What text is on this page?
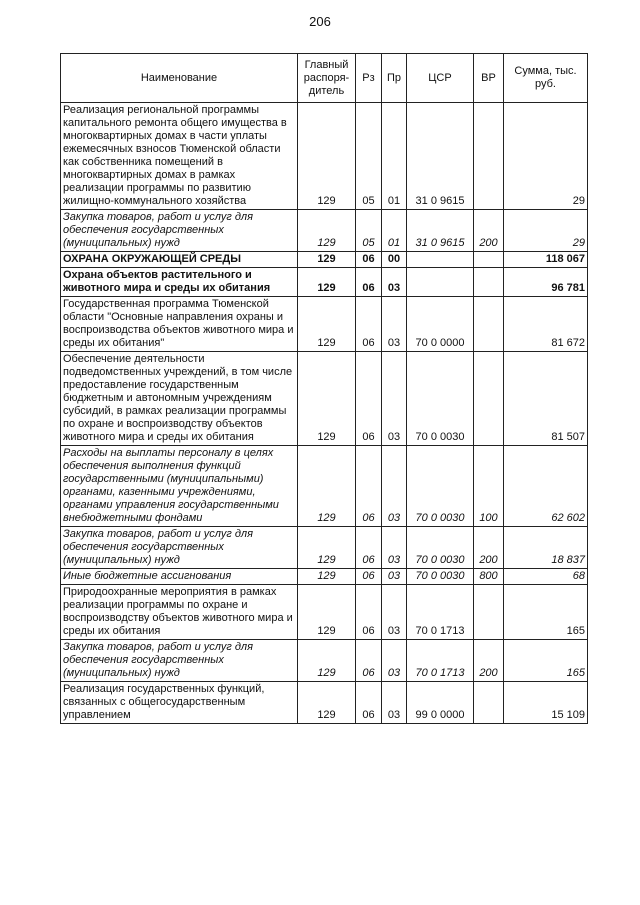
206
Наименование	Главный распоря-дитель	Рз	Пр	ЦСР	ВР	Сумма, тыс. руб.
Реализация региональной программы капитального ремонта общего имущества в многоквартирных домах в части уплаты ежемесячных взносов Тюменской области как собственника помещений в многоквартирных домах в рамках реализации программы по развитию жилищно-коммунального хозяйства	129	05	01	31 0 9615		29
Закупка товаров, работ и услуг для обеспечения государственных (муниципальных) нужд	129	05	01	31 0 9615	200	29
ОХРАНА ОКРУЖАЮЩЕЙ СРЕДЫ	129	06	00			118 067
Охрана объектов растительного и животного мира и среды их обитания	129	06	03			96 781
Государственная программа Тюменской области "Основные направления охраны и воспроизводства объектов животного мира и среды их обитания"	129	06	03	70 0 0000		81 672
Обеспечение деятельности подведомственных учреждений, в том числе предоставление государственным бюджетным и автономным учреждениям субсидий, в рамках реализации программы по охране и воспроизводству объектов животного мира и среды их обитания	129	06	03	70 0 0030		81 507
Расходы на выплаты персоналу в целях обеспечения выполнения функций государственными (муниципальными) органами, казенными учреждениями, органами управления государственными внебюджетными фондами	129	06	03	70 0 0030	100	62 602
Закупка товаров, работ и услуг для обеспечения государственных (муниципальных) нужд	129	06	03	70 0 0030	200	18 837
Иные бюджетные ассигнования	129	06	03	70 0 0030	800	68
Природоохранные мероприятия в рамках реализации программы по охране и воспроизводству объектов животного мира и среды их обитания	129	06	03	70 0 1713		165
Закупка товаров, работ и услуг для обеспечения государственных (муниципальных) нужд	129	06	03	70 0 1713	200	165
Реализация государственных функций, связанных с общегосударственным управлением	129	06	03	99 0 0000		15 109
